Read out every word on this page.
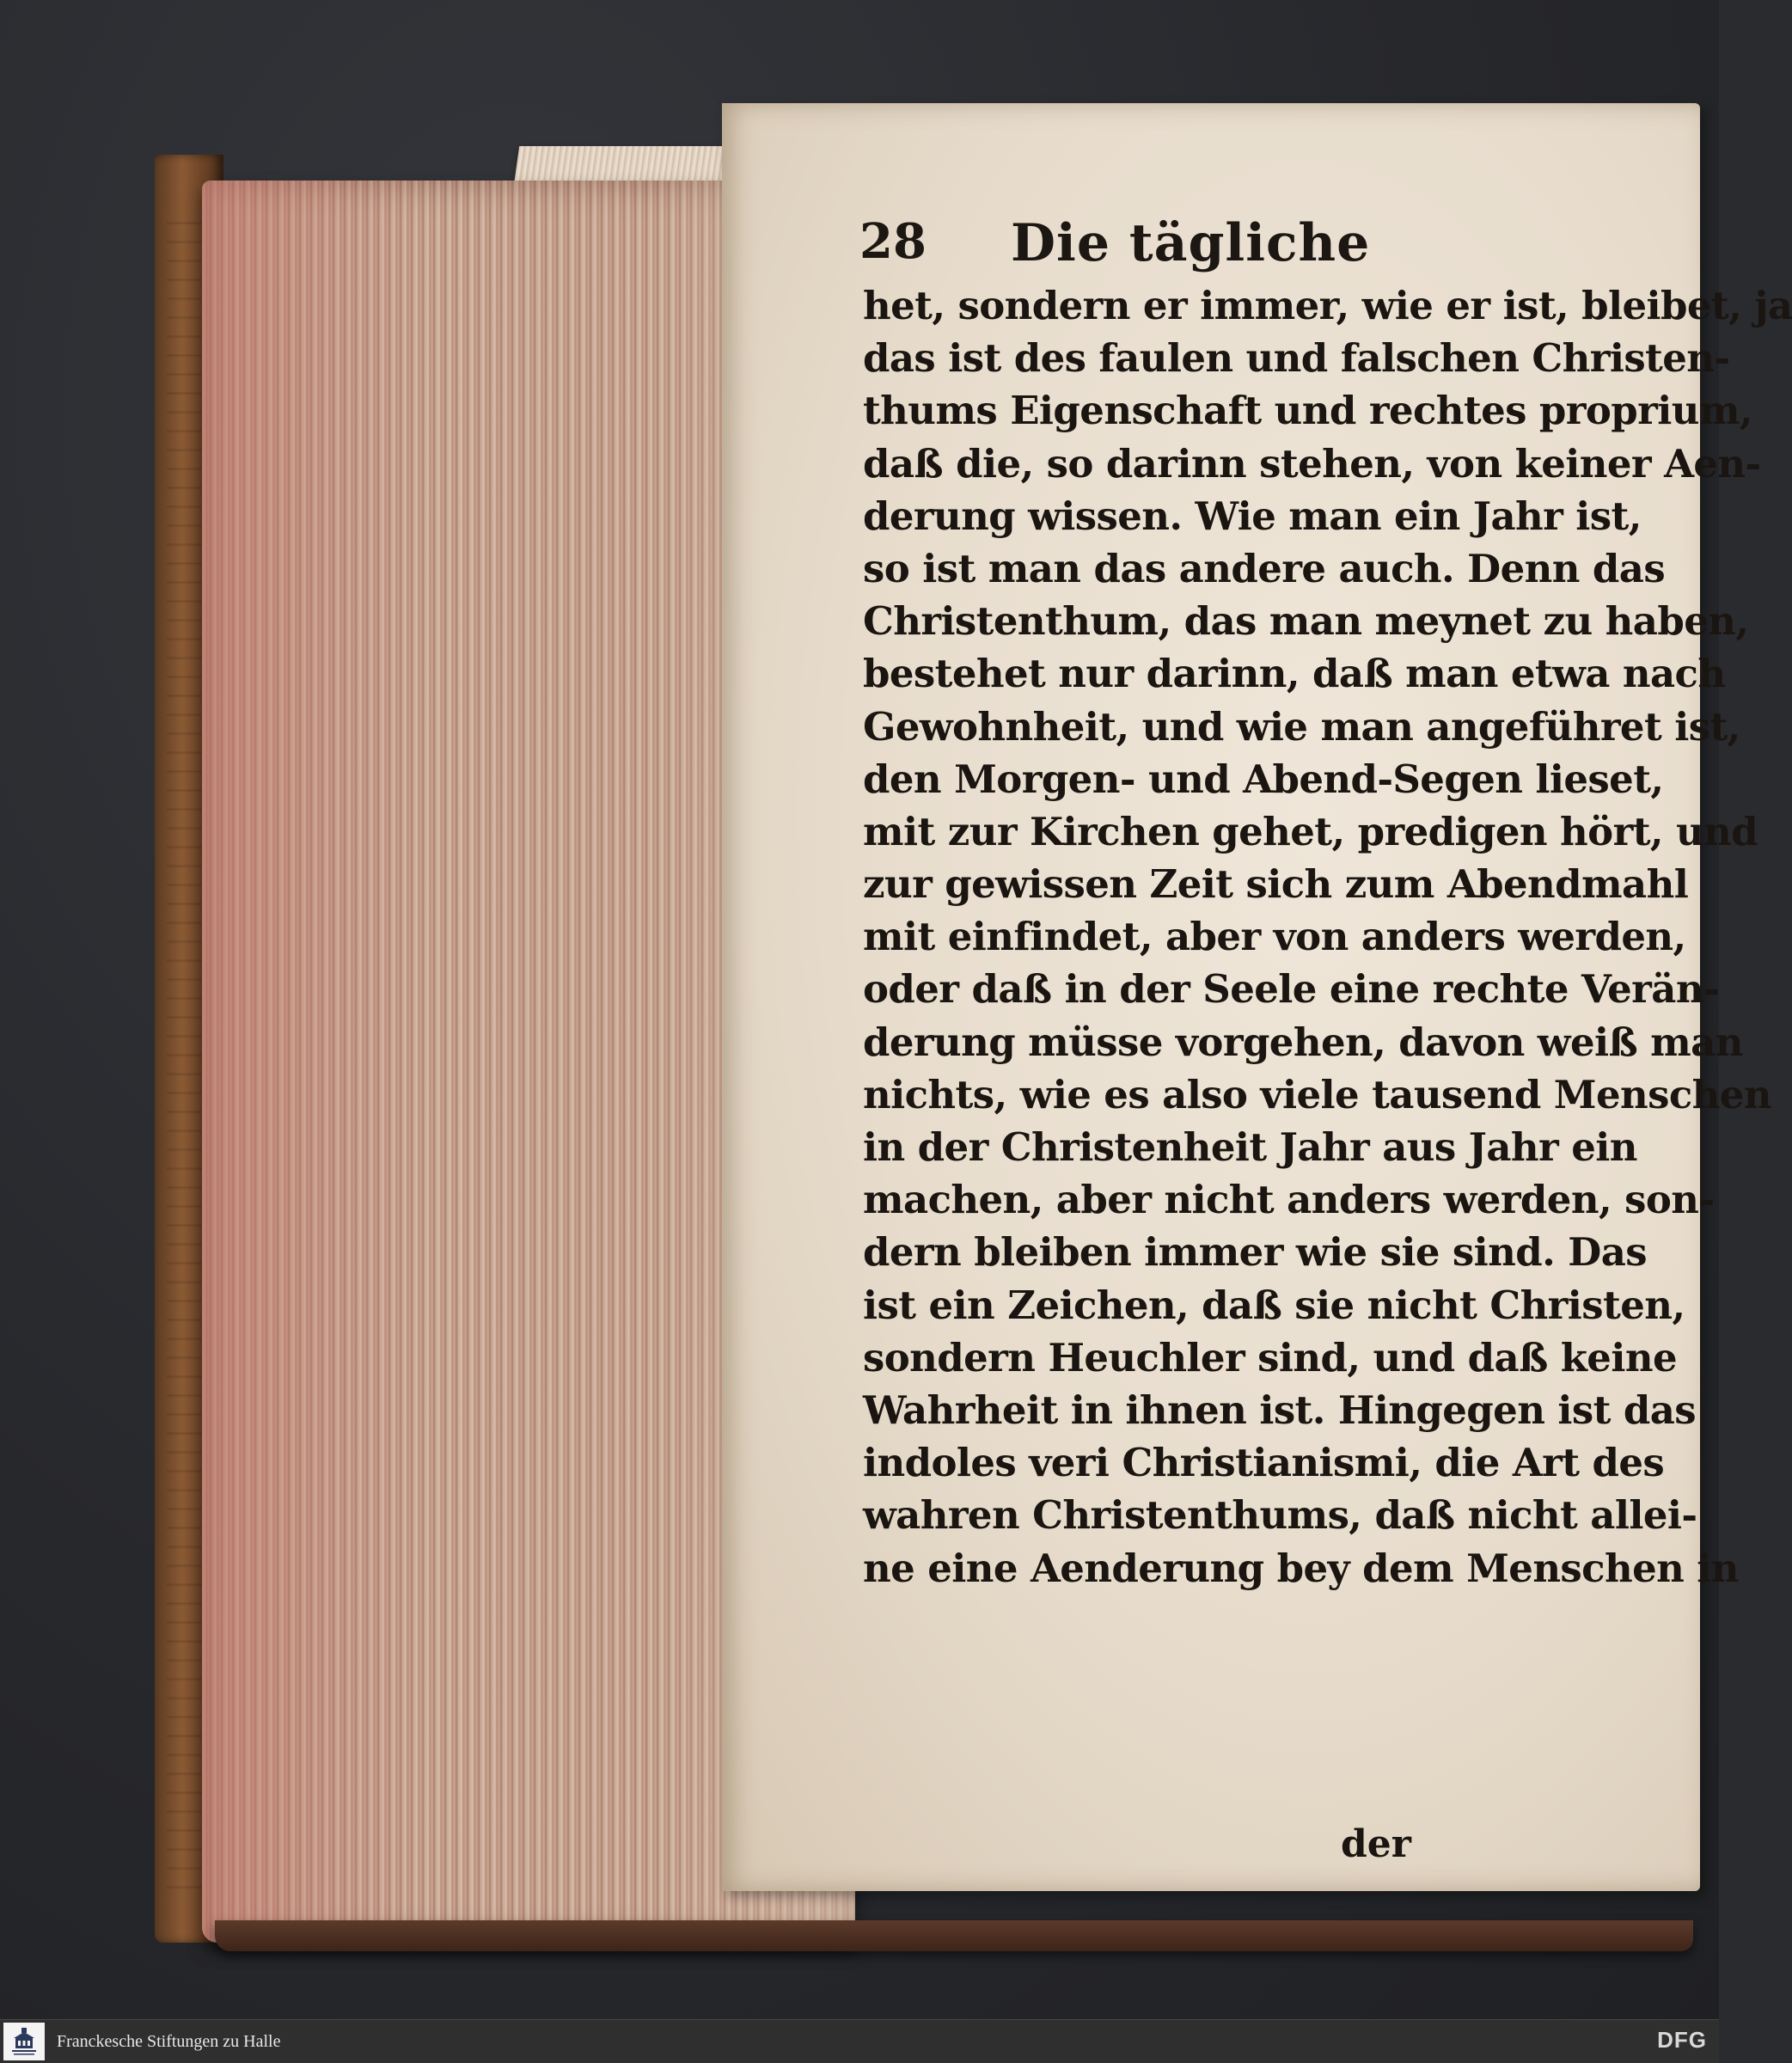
28 Die tägliche
het, sondern er immer, wie er ist, bleibet, ja
das ist des faulen und falschen Christen-
thums Eigenschaft und rechtes proprium,
daß die, so darinn stehen, von keiner Aen-
derung wissen. Wie man ein Jahr ist,
so ist man das andere auch. Denn das
Christenthum, das man meynet zu haben,
bestehet nur darinn, daß man etwa nach
Gewohnheit, und wie man angeführet ist,
den Morgen- und Abend-Segen lieset,
mit zur Kirchen gehet, predigen hört, und
zur gewissen Zeit sich zum Abendmahl
mit einfindet, aber von anders werden,
oder daß in der Seele eine rechte Verän-
derung müsse vorgehen, davon weiß man
nichts, wie es also viele tausend Menschen
in der Christenheit Jahr aus Jahr ein
machen, aber nicht anders werden, son-
dern bleiben immer wie sie sind. Das
ist ein Zeichen, daß sie nicht Christen,
sondern Heuchler sind, und daß keine
Wahrheit in ihnen ist. Hingegen ist das
indoles veri Christianismi, die Art des
wahren Christenthums, daß nicht allei-
ne eine Aenderung bey dem Menschen in
der
Franckesche Stiftungen zu Halle	DFG
